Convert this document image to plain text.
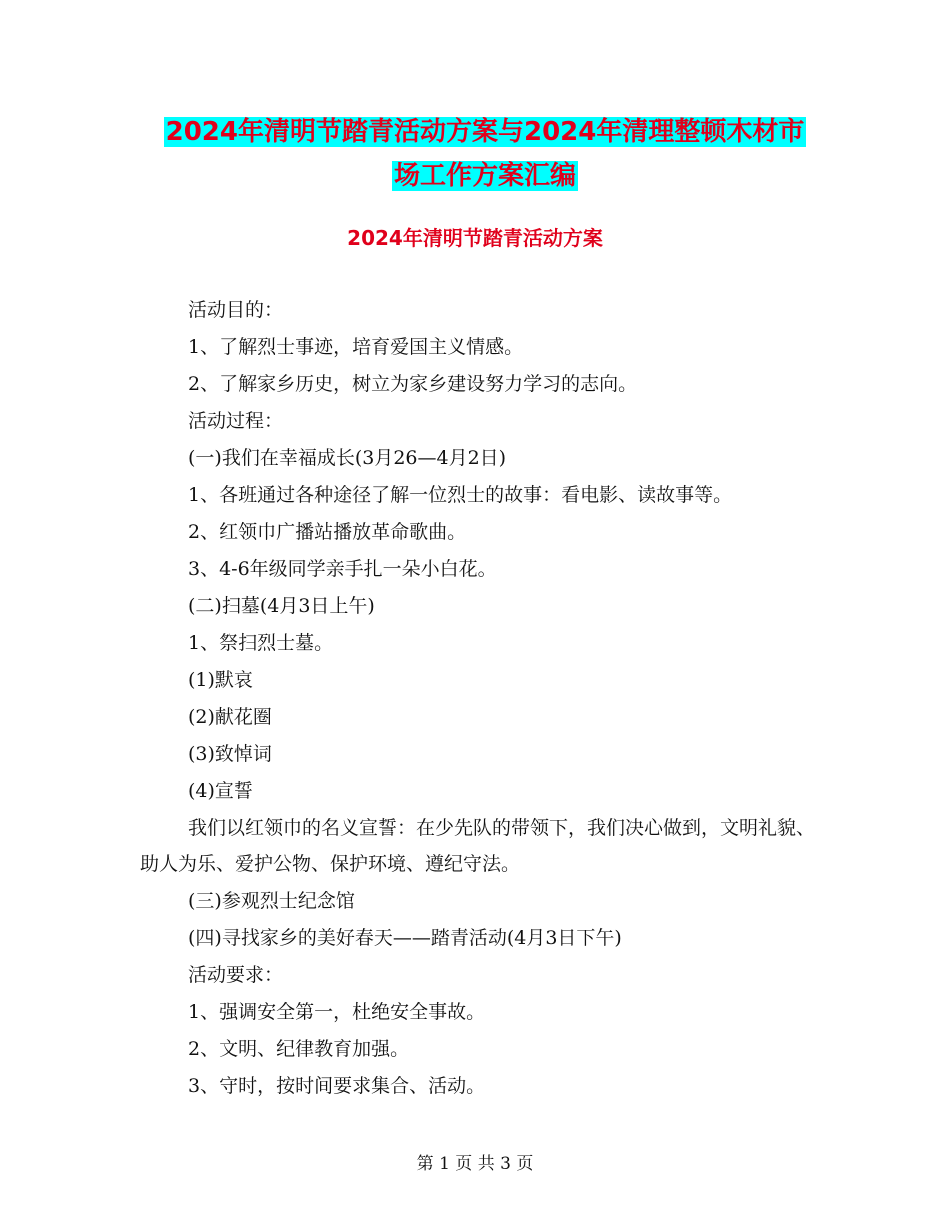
2024年清明节踏青活动方案与2024年清理整顿木材市
场工作方案汇编
2024年清明节踏青活动方案
活动目的：
1、了解烈士事迹，培育爱国主义情感。
2、了解家乡历史，树立为家乡建设努力学习的志向。
活动过程：
(一)我们在幸福成长(3月26—4月2日)
1、各班通过各种途径了解一位烈士的故事：看电影、读故事等。
2、红领巾广播站播放革命歌曲。
3、4-6年级同学亲手扎一朵小白花。
(二)扫墓(4月3日上午)
1、祭扫烈士墓。
(1)默哀
(2)献花圈
(3)致悼词
(4)宣誓
我们以红领巾的名义宣誓：在少先队的带领下，我们决心做到，文明礼貌、助人为乐、爱护公物、保护环境、遵纪守法。
(三)参观烈士纪念馆
(四)寻找家乡的美好春天——踏青活动(4月3日下午)
活动要求：
1、强调安全第一，杜绝安全事故。
2、文明、纪律教育加强。
3、守时，按时间要求集合、活动。
第 1 页 共 3 页
